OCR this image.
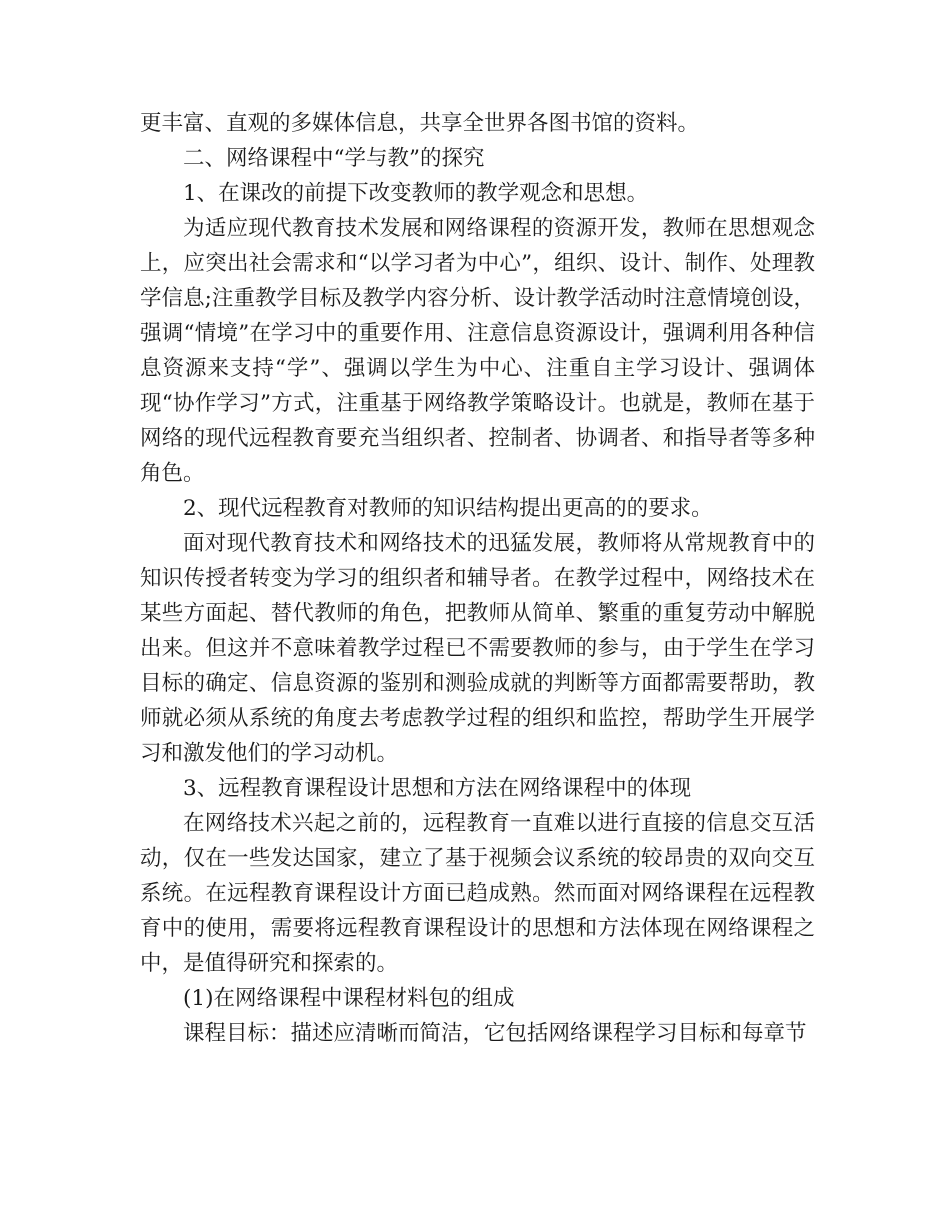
更丰富、直观的多媒体信息，共享全世界各图书馆的资料。

二、网络课程中“学与教”的探究

1、在课改的前提下改变教师的教学观念和思想。

为适应现代教育技术发展和网络课程的资源开发，教师在思想观念上，应突出社会需求和“以学习者为中心”，组织、设计、制作、处理教学信息;注重教学目标及教学内容分析、设计教学活动时注意情境创设，强调“情境”在学习中的重要作用、注意信息资源设计，强调利用各种信息资源来支持“学”、强调以学生为中心、注重自主学习设计、强调体现“协作学习”方式，注重基于网络教学策略设计。也就是，教师在基于网络的现代远程教育要充当组织者、控制者、协调者、和指导者等多种角色。

2、现代远程教育对教师的知识结构提出更高的的要求。

面对现代教育技术和网络技术的迅猛发展，教师将从常规教育中的知识传授者转变为学习的组织者和辅导者。在教学过程中，网络技术在某些方面起、替代教师的角色，把教师从简单、繁重的重复劳动中解脱出来。但这并不意味着教学过程已不需要教师的参与，由于学生在学习目标的确定、信息资源的鉴别和测验成就的判断等方面都需要帮助，教师就必须从系统的角度去考虑教学过程的组织和监控，帮助学生开展学习和激发他们的学习动机。

3、远程教育课程设计思想和方法在网络课程中的体现

在网络技术兴起之前的，远程教育一直难以进行直接的信息交互活动，仅在一些发达国家，建立了基于视频会议系统的较昂贵的双向交互系统。在远程教育课程设计方面已趋成熟。然而面对网络课程在远程教育中的使用，需要将远程教育课程设计的思想和方法体现在网络课程之中，是值得研究和探索的。

(1)在网络课程中课程材料包的组成

课程目标：描述应清晰而简洁，它包括网络课程学习目标和每章节
